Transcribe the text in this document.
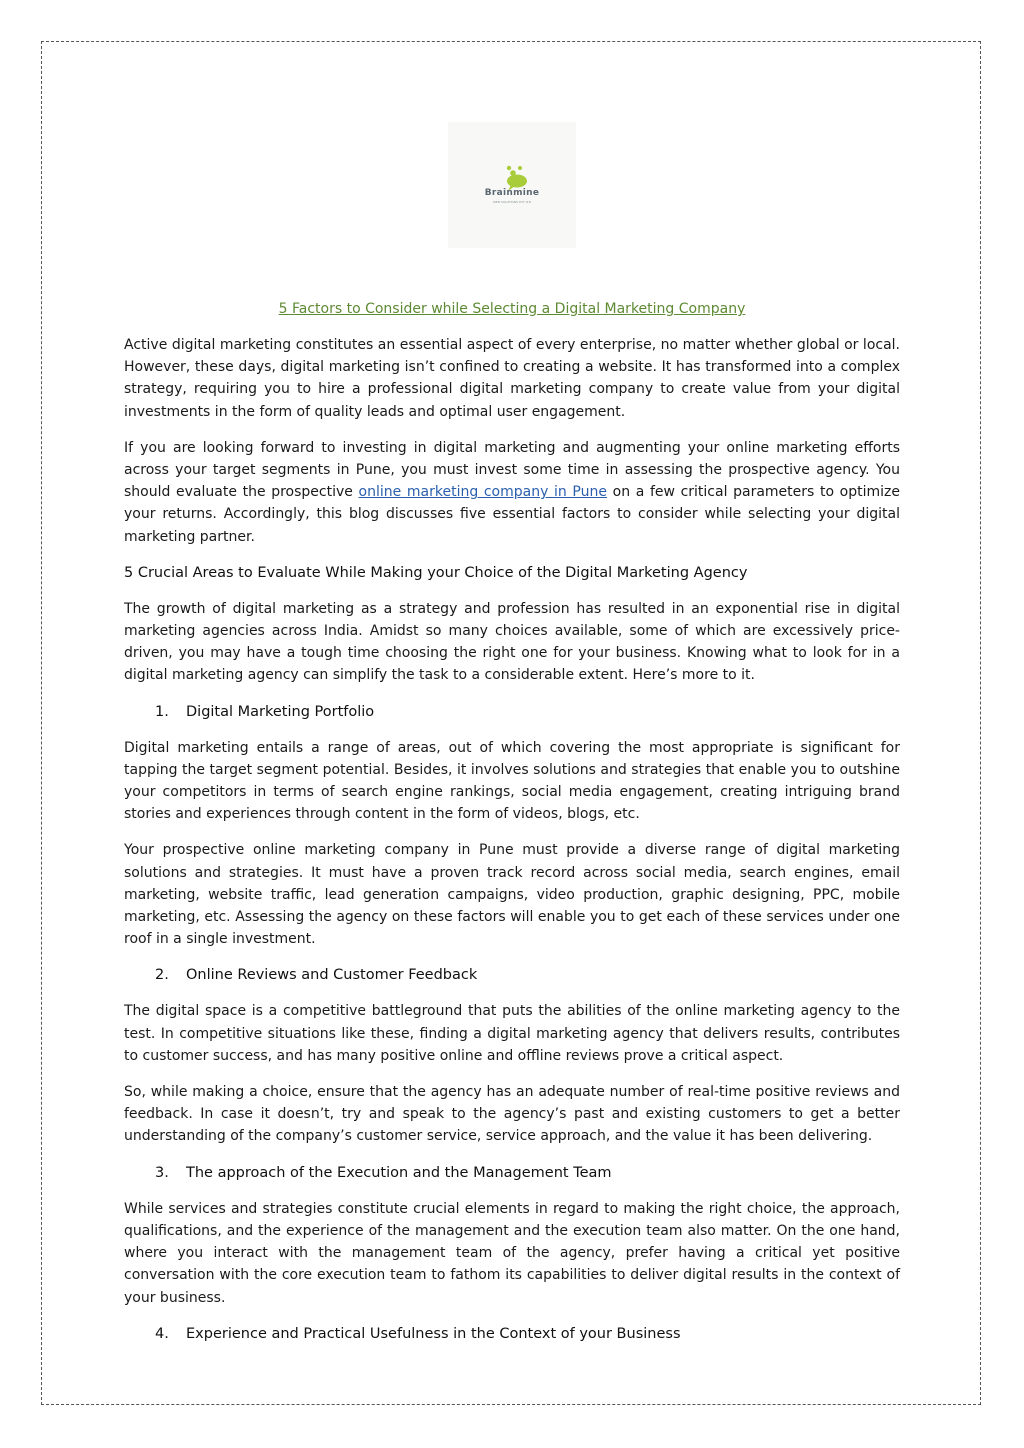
Brainmine
WEB SOLUTIONS PVT LTD
5 Factors to Consider while Selecting a Digital Marketing Company

Active digital marketing constitutes an essential aspect of every enterprise, no matter whether global or local. However, these days, digital marketing isn’t confined to creating a website. It has transformed into a complex strategy, requiring you to hire a professional digital marketing company to create value from your digital investments in the form of quality leads and optimal user engagement.

If you are looking forward to investing in digital marketing and augmenting your online marketing efforts across your target segments in Pune, you must invest some time in assessing the prospective agency. You should evaluate the prospective online marketing company in Pune on a few critical parameters to optimize your returns. Accordingly, this blog discusses five essential factors to consider while selecting your digital marketing partner.

5 Crucial Areas to Evaluate While Making your Choice of the Digital Marketing Agency

The growth of digital marketing as a strategy and profession has resulted in an exponential rise in digital marketing agencies across India. Amidst so many choices available, some of which are excessively price-driven, you may have a tough time choosing the right one for your business. Knowing what to look for in a digital marketing agency can simplify the task to a considerable extent. Here’s more to it.

1.	Digital Marketing Portfolio

Digital marketing entails a range of areas, out of which covering the most appropriate is significant for tapping the target segment potential. Besides, it involves solutions and strategies that enable you to outshine your competitors in terms of search engine rankings, social media engagement, creating intriguing brand stories and experiences through content in the form of videos, blogs, etc.

Your prospective online marketing company in Pune must provide a diverse range of digital marketing solutions and strategies. It must have a proven track record across social media, search engines, email marketing, website traffic, lead generation campaigns, video production, graphic designing, PPC, mobile marketing, etc. Assessing the agency on these factors will enable you to get each of these services under one roof in a single investment.

2.	Online Reviews and Customer Feedback

The digital space is a competitive battleground that puts the abilities of the online marketing agency to the test. In competitive situations like these, finding a digital marketing agency that delivers results, contributes to customer success, and has many positive online and offline reviews prove a critical aspect.

So, while making a choice, ensure that the agency has an adequate number of real-time positive reviews and feedback. In case it doesn’t, try and speak to the agency’s past and existing customers to get a better understanding of the company’s customer service, service approach, and the value it has been delivering.

3.	The approach of the Execution and the Management Team

While services and strategies constitute crucial elements in regard to making the right choice, the approach, qualifications, and the experience of the management and the execution team also matter. On the one hand, where you interact with the management team of the agency, prefer having a critical yet positive conversation with the core execution team to fathom its capabilities to deliver digital results in the context of your business.

4.	Experience and Practical Usefulness in the Context of your Business
